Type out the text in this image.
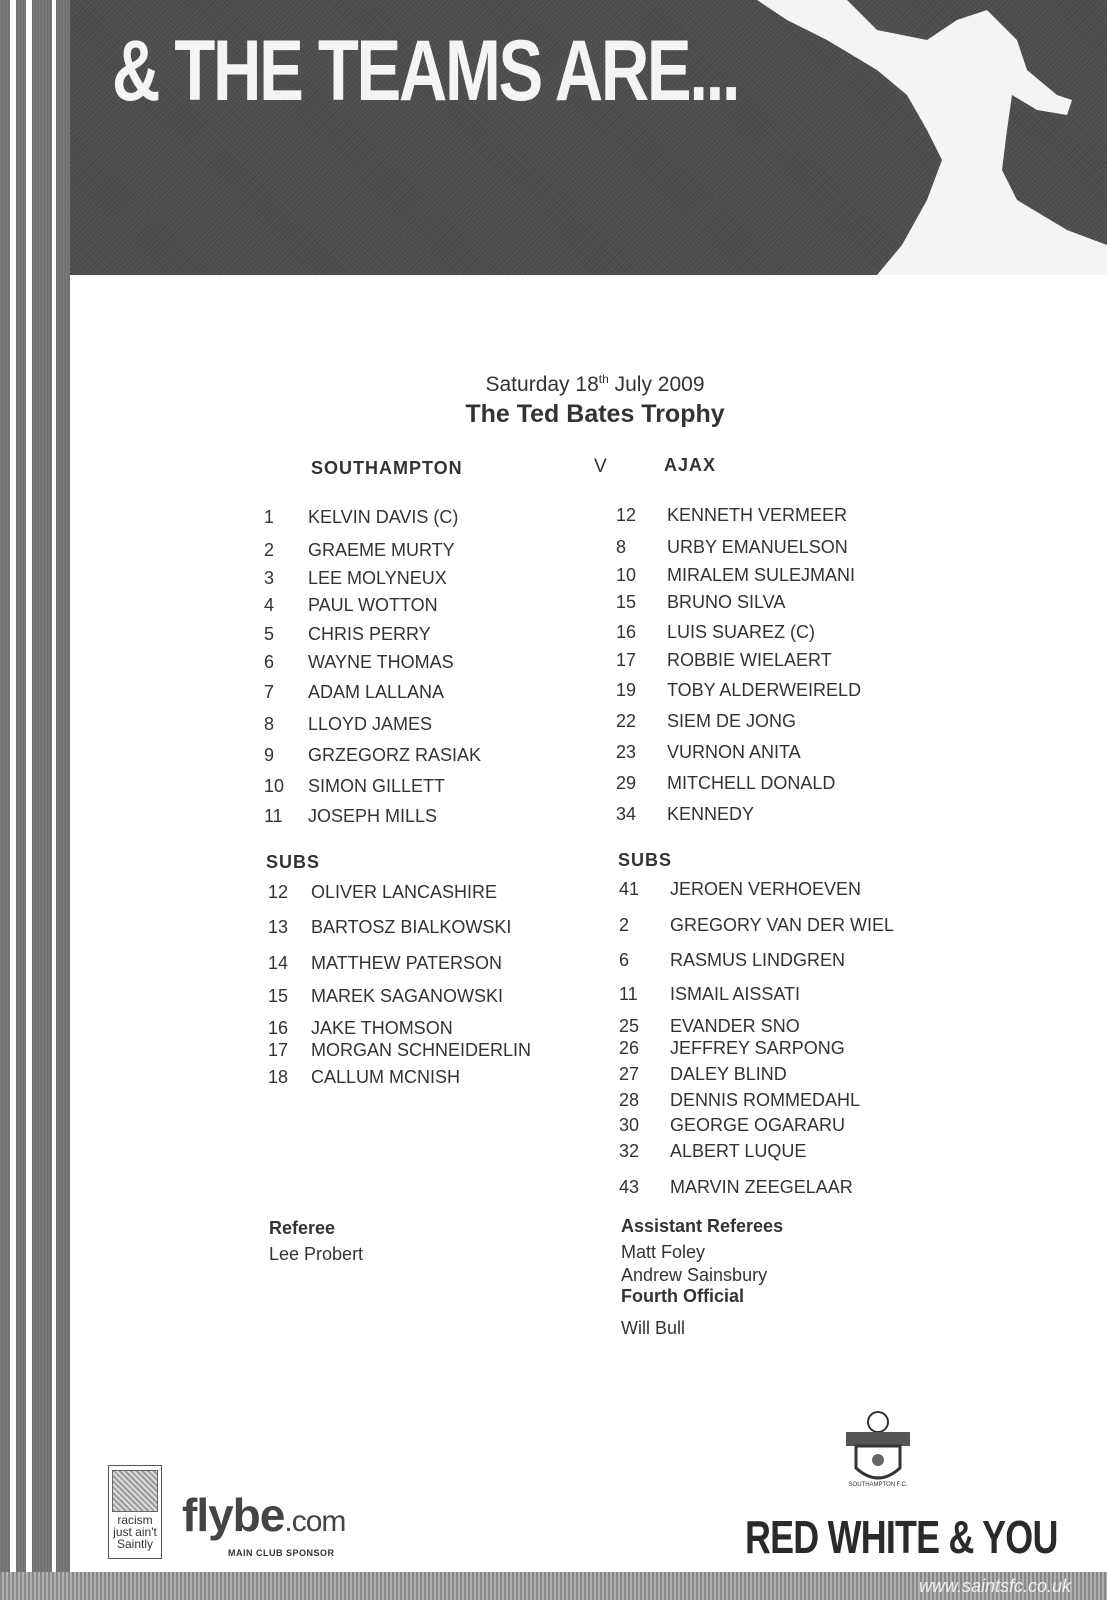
& THE TEAMS ARE...
Saturday 18th July 2009
The Ted Bates Trophy
SOUTHAMPTON	V	AJAX
1 KELVIN DAVIS (C)
2 GRAEME MURTY
3 LEE MOLYNEUX
4 PAUL WOTTON
5 CHRIS PERRY
6 WAYNE THOMAS
7 ADAM LALLANA
8 LLOYD JAMES
9 GRZEGORZ RASIAK
10 SIMON GILLETT
11 JOSEPH MILLS
12 KENNETH VERMEER
8 URBY EMANUELSON
10 MIRALEM SULEJMANI
15 BRUNO SILVA
16 LUIS SUAREZ (C)
17 ROBBIE WIELAERT
19 TOBY ALDERWEIRELD
22 SIEM DE JONG
23 VURNON ANITA
29 MITCHELL DONALD
34 KENNEDY
SUBS	SUBS
12 OLIVER LANCASHIRE
13 BARTOSZ BIALKOWSKI
14 MATTHEW PATERSON
15 MAREK SAGANOWSKI
16 JAKE THOMSON
17 MORGAN SCHNEIDERLIN
18 CALLUM MCNISH
41 JEROEN VERHOEVEN
2 GREGORY VAN DER WIEL
6 RASMUS LINDGREN
11 ISMAIL AISSATI
25 EVANDER SNO
26 JEFFREY SARPONG
27 DALEY BLIND
28 DENNIS ROMMEDAHL
30 GEORGE OGARARU
32 ALBERT LUQUE
43 MARVIN ZEEGELAAR
Referee
Lee Probert
Assistant Referees
Matt Foley
Andrew Sainsbury
Fourth Official
Will Bull
racism
just ain't
Saintly
flybe.com
MAIN CLUB SPONSOR
SOUTHAMPTON F.C.
RED WHITE & YOU
www.saintsfc.co.uk
